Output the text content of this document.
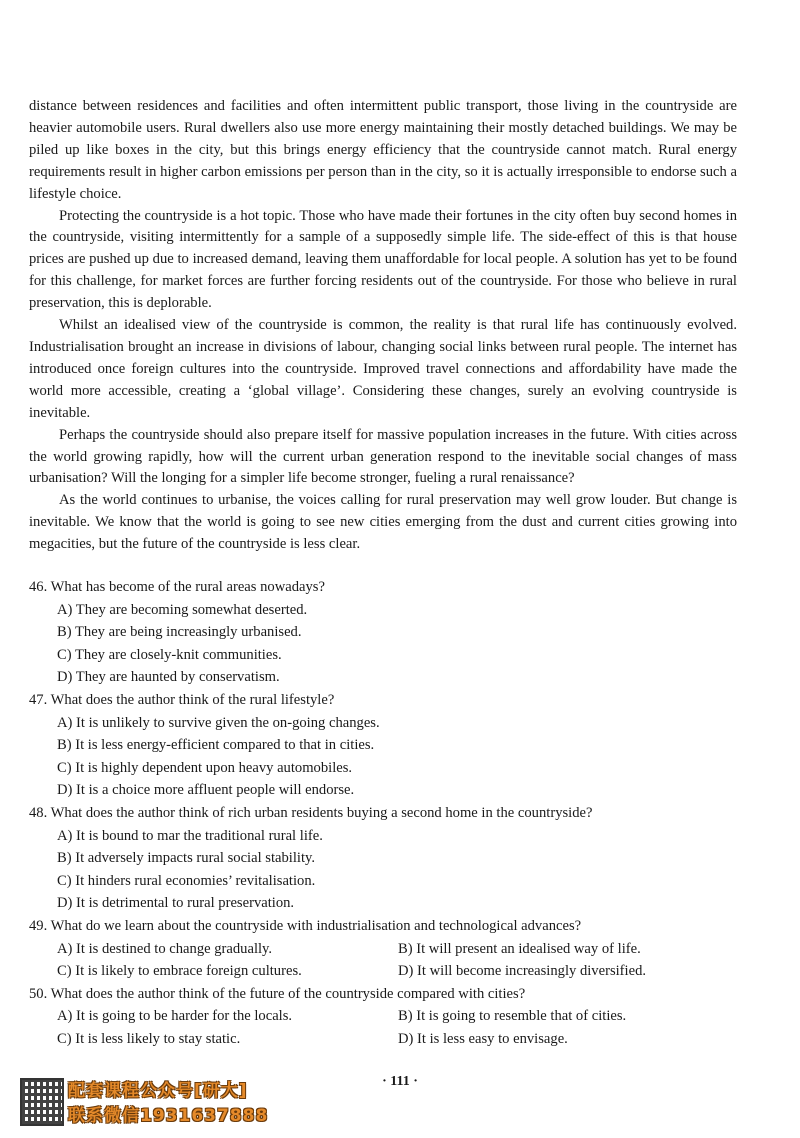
distance between residences and facilities and often intermittent public transport, those living in the countryside are heavier automobile users. Rural dwellers also use more energy maintaining their mostly detached buildings. We may be piled up like boxes in the city, but this brings energy efficiency that the countryside cannot match. Rural energy requirements result in higher carbon emissions per person than in the city, so it is actually irresponsible to endorse such a lifestyle choice.

Protecting the countryside is a hot topic. Those who have made their fortunes in the city often buy second homes in the countryside, visiting intermittently for a sample of a supposedly simple life. The side-effect of this is that house prices are pushed up due to increased demand, leaving them unaffordable for local people. A solution has yet to be found for this challenge, for market forces are further forcing residents out of the countryside. For those who believe in rural preservation, this is deplorable.

Whilst an idealised view of the countryside is common, the reality is that rural life has continuously evolved. Industrialisation brought an increase in divisions of labour, changing social links between rural people. The internet has introduced once foreign cultures into the countryside. Improved travel connections and affordability have made the world more accessible, creating a ‘global village’. Considering these changes, surely an evolving countryside is inevitable.

Perhaps the countryside should also prepare itself for massive population increases in the future. With cities across the world growing rapidly, how will the current urban generation respond to the inevitable social changes of mass urbanisation? Will the longing for a simpler life become stronger, fueling a rural renaissance?

As the world continues to urbanise, the voices calling for rural preservation may well grow louder. But change is inevitable. We know that the world is going to see new cities emerging from the dust and current cities growing into megacities, but the future of the countryside is less clear.

46. What has become of the rural areas nowadays?
A) They are becoming somewhat deserted.
B) They are being increasingly urbanised.
C) They are closely-knit communities.
D) They are haunted by conservatism.
47. What does the author think of the rural lifestyle?
A) It is unlikely to survive given the on-going changes.
B) It is less energy-efficient compared to that in cities.
C) It is highly dependent upon heavy automobiles.
D) It is a choice more affluent people will endorse.
48. What does the author think of rich urban residents buying a second home in the countryside?
A) It is bound to mar the traditional rural life.
B) It adversely impacts rural social stability.
C) It hinders rural economies’ revitalisation.
D) It is detrimental to rural preservation.
49. What do we learn about the countryside with industrialisation and technological advances?
A) It is destined to change gradually.	B) It will present an idealised way of life.
C) It is likely to embrace foreign cultures.	D) It will become increasingly diversified.
50. What does the author think of the future of the countryside compared with cities?
A) It is going to be harder for the locals.	B) It is going to resemble that of cities.
C) It is less likely to stay static.	D) It is less easy to envisage.
· 111 ·
配套课程公众号[研大]
联系微信1931637888
